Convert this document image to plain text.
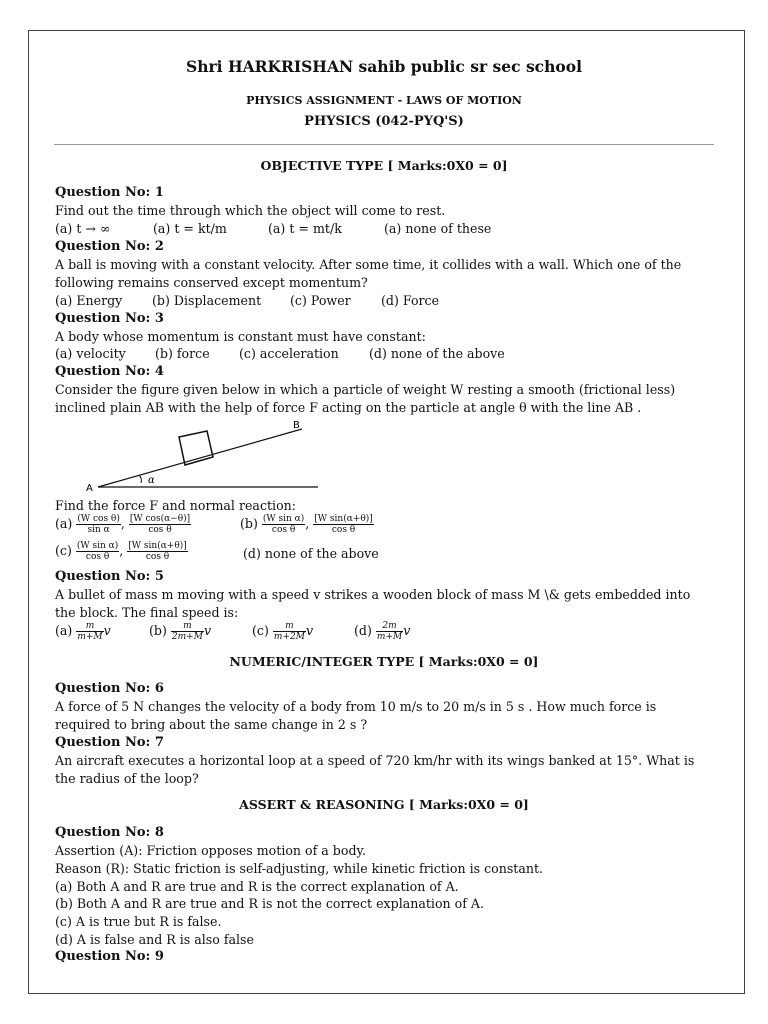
Shri HARKRISHAN sahib public sr sec school
PHYSICS ASSIGNMENT - LAWS OF MOTION
PHYSICS (042-PYQ'S)
OBJECTIVE TYPE [ Marks:0X0 = 0]
Question No: 1
Find out the time through which the object will come to rest.
(a) t → ∞	(a) t = kt/m	(a) t = mt/k	(a) none of these
Question No: 2
A ball is moving with a constant velocity. After some time, it collides with a wall. Which one of the
following remains conserved except momentum?
(a) Energy (b) Displacement (c) Power (d) Force
Question No: 3
A body whose momentum is constant must have constant:
(a) velocity (b) force (c) acceleration (d) none of the above
Question No: 4
Consider the figure given below in which a particle of weight W resting a smooth (frictional less)
inclined plain AB with the help of force F acting on the particle at angle θ with the line AB .
A
B
α
Find the force F and normal reaction:
$(a) \frac{\text{(W cos θ)}}{\text{sin α}}$ , $\frac{\text{[W cos(α−θ)]}}{\text{cos θ}}$	$(b) \frac{\text{(W sin α)}}{\text{cos θ}}$ , $\frac{\text{[W sin(α+θ)]}}{\text{cos θ}}$
$(c) \frac{\text{(W sin α)}}{\text{cos θ}}$ , $\frac{\text{[W sin(α+θ)]}}{\text{cos θ}}$	(d) none of the above
Question No: 5
A bullet of mass m moving with a speed v strikes a wooden block of mass M \& gets embedded into
the block. The final speed is:
$(a) \frac{m}{m+M}$ v	$(b) \frac{m}{2m+M}$ v	$(c) \frac{m}{m+2M}$ v	$(d) \frac{2m}{m+M}$ v
NUMERIC/INTEGER TYPE [ Marks:0X0 = 0]
Question No: 6
A force of 5 N changes the velocity of a body from 10 m/s to 20 m/s in 5 s . How much force is
required to bring about the same change in 2 s ?
Question No: 7
An aircraft executes a horizontal loop at a speed of 720 km/hr with its wings banked at 15°. What is
the radius of the loop?
ASSERT & REASONING [ Marks:0X0 = 0]
Question No: 8
Assertion (A): Friction opposes motion of a body.
Reason (R): Static friction is self-adjusting, while kinetic friction is constant.
(a) Both A and R are true and R is the correct explanation of A.
(b) Both A and R are true and R is not the correct explanation of A.
(c) A is true but R is false.
(d) A is false and R is also false
Question No: 9
